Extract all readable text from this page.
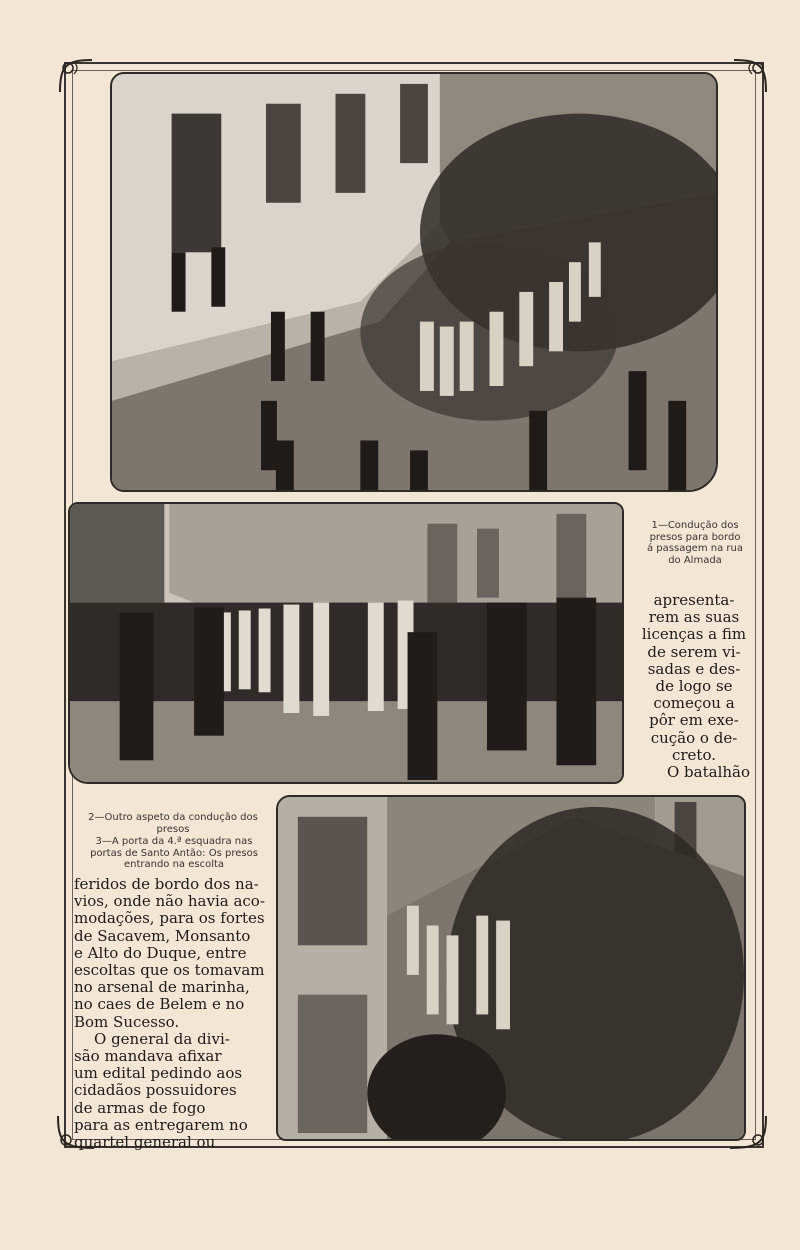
1—Condução dos presos para bordo á passagem na rua do Almada

apresenta-

rem as suas

licenças a fim

de serem vi-

sadas e des-

de logo se

começou a

pôr em exe-

cução o de-

creto.

O batalhão

2—Outro aspeto da condução dos presos

3—A porta da 4.ª esquadra nas portas de Santo Antão: Os presos entrando na escolta

feridos de bordo dos na-

vios, onde não havia aco-

modações, para os fortes

de Sacavem, Monsanto

e Alto do Duque, entre

escoltas que os tomavam

no arsenal de marinha,

no caes de Belem e no

Bom Sucesso.

O general da divi-

são mandava afixar

um edital pedindo aos

cidadãos possuidores

de armas de fogo

para as entregarem no

quartel general ou
